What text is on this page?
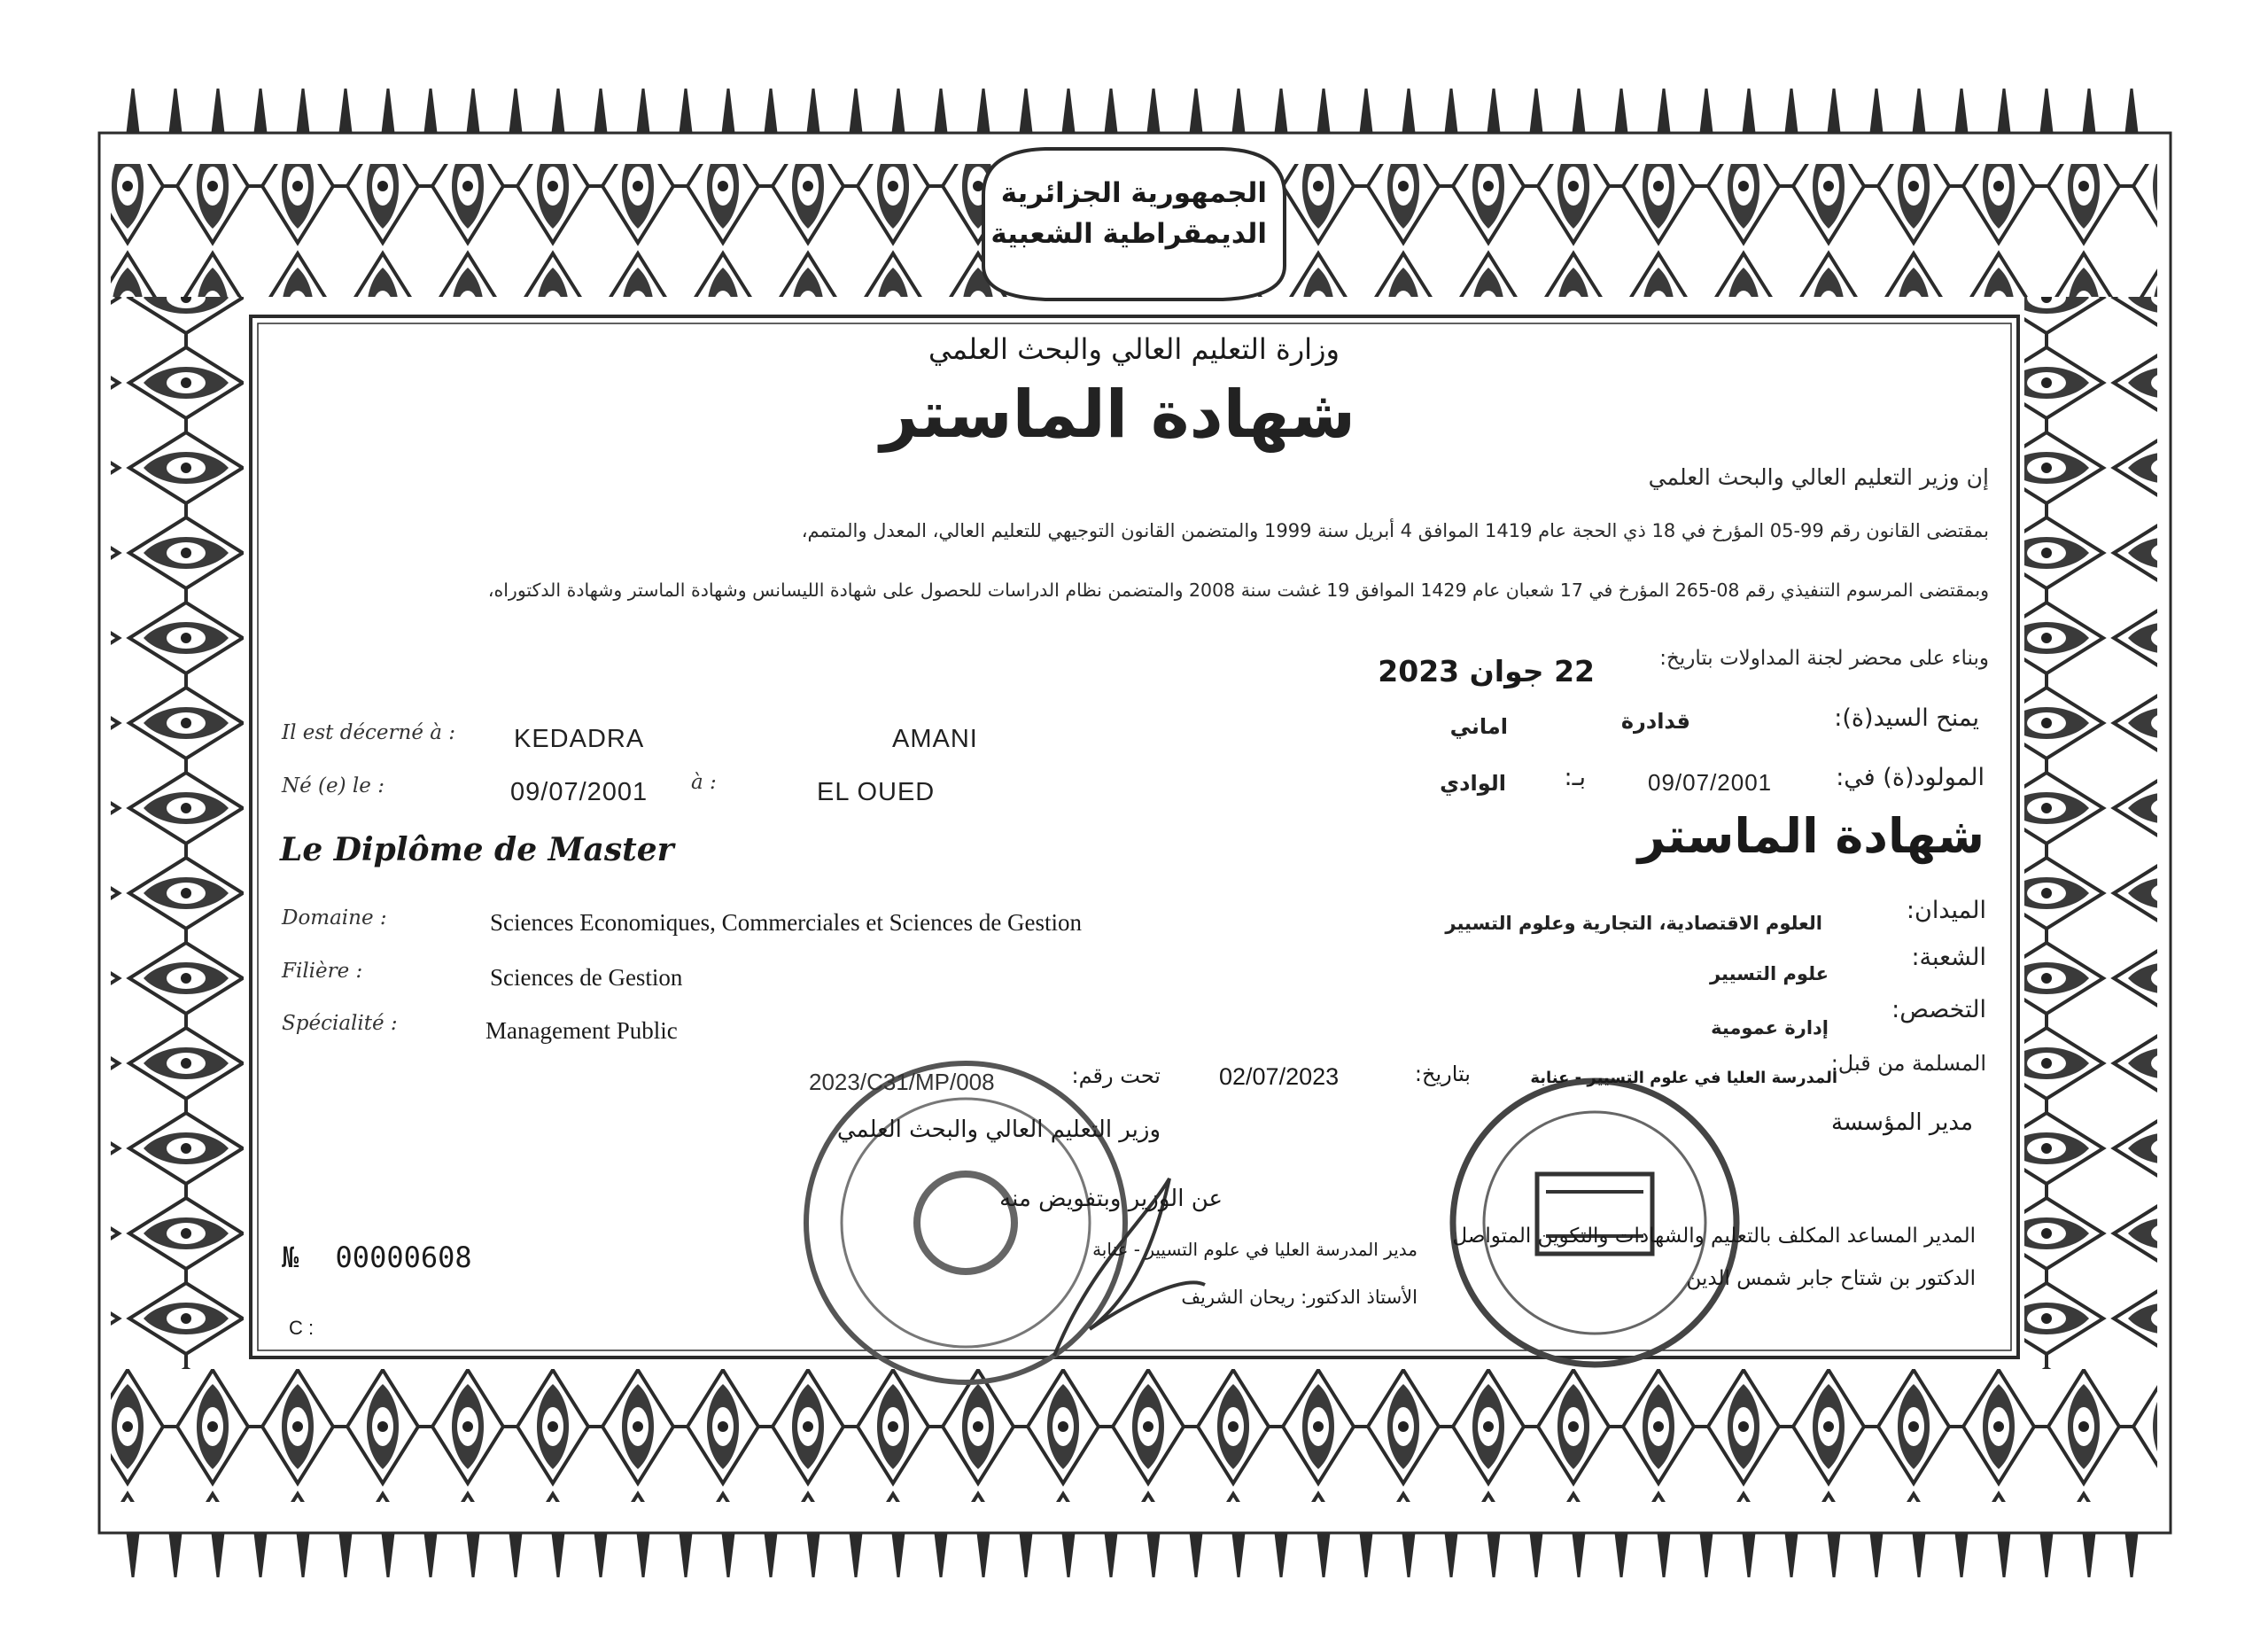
الجمهورية الجزائرية
الديمقراطية الشعبية
وزارة التعليم العالي والبحث العلمي
شهادة الماستر
إن وزير التعليم العالي والبحث العلمي
بمقتضى القانون رقم 99-05 المؤرخ في 18 ذي الحجة عام 1419 الموافق 4 أبريل سنة 1999 والمتضمن القانون التوجيهي للتعليم العالي، المعدل والمتمم،
وبمقتضى المرسوم التنفيذي رقم 08-265 المؤرخ في 17 شعبان عام 1429 الموافق 19 غشت سنة 2008 والمتضمن نظام الدراسات للحصول على شهادة الليسانس وشهادة الماستر وشهادة الدكتوراه،
وبناء على محضر لجنة المداولات بتاريخ:
22 جوان 2023
Il est décerné à : KEDADRA	AMANI
Né (e) le :	09/07/2001 à :	EL OUED
يمنح السيد(ة):
قدادرة
اماني
المولود(ة) في:
09/07/2001
بـ:
الوادي
Le Diplôme de Master	شهادة الماستر
Domaine :	Sciences Economiques, Commerciales et Sciences de Gestion	الميدان:
العلوم الاقتصادية، التجارية وعلوم التسيير
Filière :	Sciences de Gestion
الشعبة:
علوم التسيير
Spécialité :	Management Public
التخصص:
إدارة عمومية
المسلمة من قبل:
المدرسة العليا في علوم التسيير - عنابة
بتاريخ:
02/07/2023
تحت رقم:
2023/C31/MP/008
مدير المؤسسة
وزير التعليم العالي والبحث العلمي
عن الوزير وبتفويض منه
المدير المساعد المكلف بالتعليم والشهادات والتكوين المتواصل
الدكتور بن شتاح جابر شمس الدين
مدير المدرسة العليا في علوم التسيير - عنابة
الأستاذ الدكتور: ريحان الشريف
№ 00000608
C :
